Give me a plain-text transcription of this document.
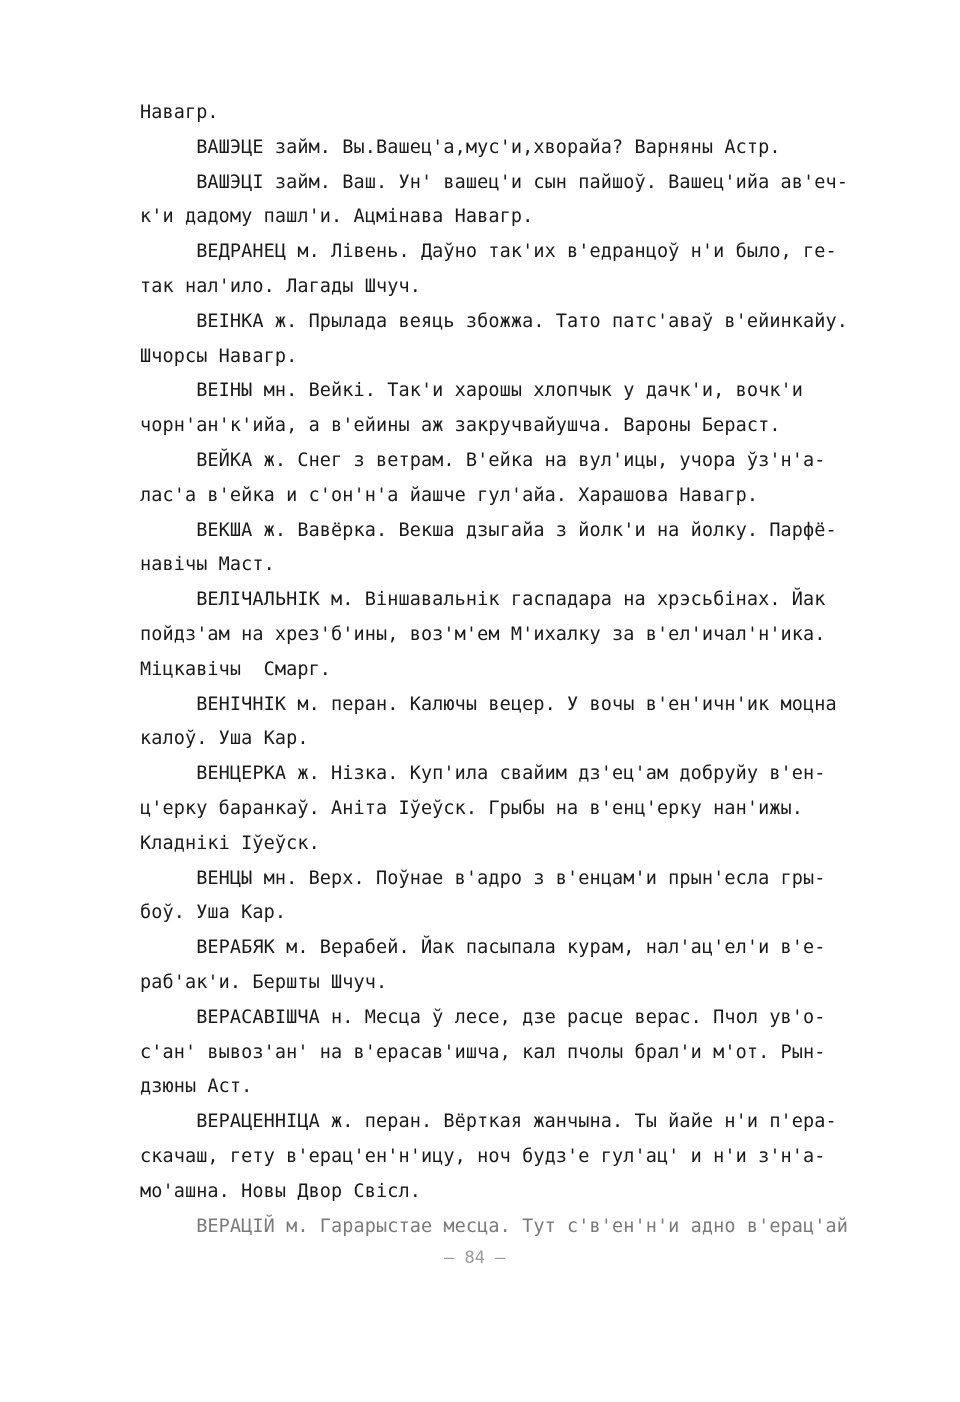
Навагр.
ВАШЭЦЕ займ. Вы.Вашец'а,мус'и,хворайа? Варняны Астр.
ВАШЭЦІ займ. Ваш. Ун' вашец'и сын пайшоў. Вашец'ийа ав'еч-
к'и дадому пашл'и. Ацмінава Навагр.
ВЕДРАНЕЦ м. Лівень. Даўно так'их в'едранцоў н'и было, ге-
так нал'ило. Лагады Шчуч.
ВЕІНКА ж. Прылада веяць збожжа. Тато патс'аваў в'ейинкайу.
Шчорсы Навагр.
ВЕІНЫ мн. Вейкі. Так'и харошы хлопчык у дачк'и, вочк'и
чорн'ан'к'ийа, а в'ейины аж закручвайушча. Вароны Бераст.
ВЕЙКА ж. Снег з ветрам. В'ейка на вул'ицы, учора ўз'н'а-
лас'а в'ейка и с'он'н'а йашче гул'айа. Харашова Навагр.
ВЕКША ж. Вавёрка. Векша дзыгайа з йолк'и на йолку. Парфё-
навічы Маст.
ВЕЛІЧАЛЬНІК м. Віншавальнік гаспадара на хрэсьбінах. Йак
пойдз'ам на хрез'б'ины, воз'м'ем М'ихалку за в'ел'ичал'н'ика.
Міцкавічы  Смарг.
ВЕНІЧНІК м. перан. Калючы вецер. У вочы в'ен'ичн'ик моцна
калоў. Уша Кар.
ВЕНЦЕРКА ж. Нізка. Куп'ила свайим дз'ец'ам добруйу в'ен-
ц'ерку баранкаў. Аніта Іўеўск. Грыбы на в'енц'ерку нан'ижы.
Кладнікі Іўеўск.
ВЕНЦЫ мн. Верх. Поўнае в'адро з в'енцам'и прын'есла гры-
боў. Уша Кар.
ВЕРАБЯК м. Верабей. Йак пасыпала курам, нал'ац'ел'и в'е-
раб'ак'и. Бершты Шчуч.
ВЕРАСАВІШЧА н. Месца ў лесе, дзе расце верас. Пчол ув'о-
с'ан' вывоз'ан' на в'ерасав'ишча, кал пчолы брал'и м'от. Рын-
дзюны Аст.
ВЕРАЦЕННІЦА ж. перан. Вёрткая жанчына. Ты йайе н'и п'ера-
скачаш, гету в'ерац'ен'н'ицу, ноч будз'е гул'ац' и н'и з'н'а-
мо'ашна. Новы Двор Свісл.
ВЕРАЦІЙ м. Гарарыстае месца. Тут с'в'ен'н'и адно в'ерац'ай
– 84 –
